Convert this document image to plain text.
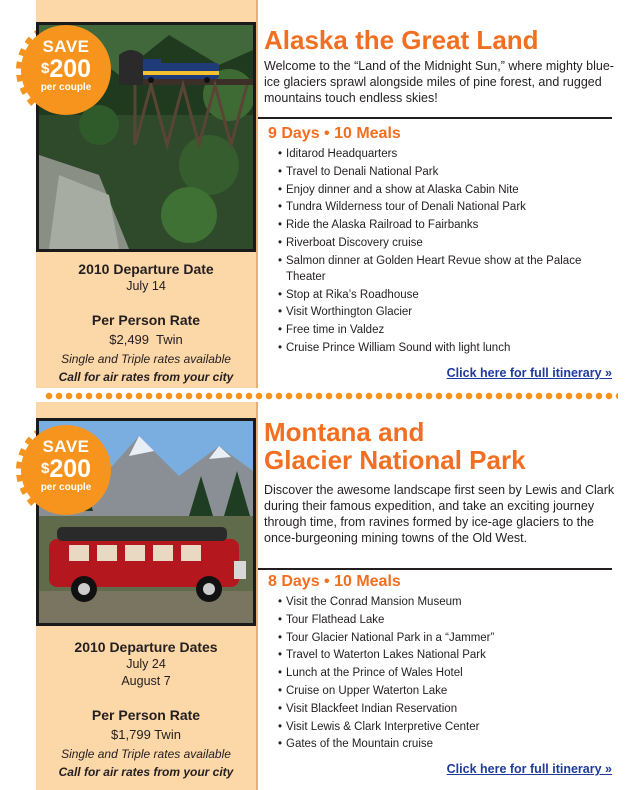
SAVE
$200
per couple
2010 Departure Date
July 14
Per Person Rate
$2,499 Twin
Single and Triple rates available
Call for air rates from your city
Alaska the Great Land

Welcome to the “Land of the Midnight Sun,” where mighty blue-ice glaciers sprawl alongside miles of pine forest, and rugged mountains touch endless skies!

9 Days • 10 Meals
• Iditarod Headquarters
• Travel to Denali National Park
• Enjoy dinner and a show at Alaska Cabin Nite
• Tundra Wilderness tour of Denali National Park
• Ride the Alaska Railroad to Fairbanks
• Riverboat Discovery cruise
• Salmon dinner at Golden Heart Revue show at the Palace Theater
• Stop at Rika’s Roadhouse
• Visit Worthington Glacier
• Free time in Valdez
• Cruise Prince William Sound with light lunch
Click here for full itinerary »
SAVE
$200
per couple
2010 Departure Dates
July 24
August 7
Per Person Rate
$1,799 Twin
Single and Triple rates available
Call for air rates from your city
Montana and
Glacier National Park

Discover the awesome landscape first seen by Lewis and Clark during their famous expedition, and take an exciting journey through time, from ravines formed by ice-age glaciers to the once-burgeoning mining towns of the Old West.

8 Days • 10 Meals
• Visit the Conrad Mansion Museum
• Tour Flathead Lake
• Tour Glacier National Park in a “Jammer”
• Travel to Waterton Lakes National Park
• Lunch at the Prince of Wales Hotel
• Cruise on Upper Waterton Lake
• Visit Blackfeet Indian Reservation
• Visit Lewis & Clark Interpretive Center
• Gates of the Mountain cruise
Click here for full itinerary »
